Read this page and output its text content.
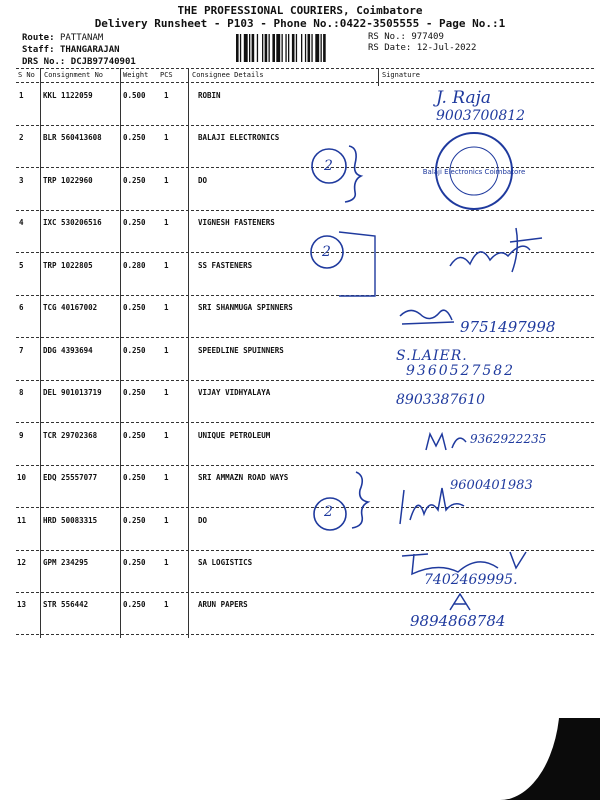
THE PROFESSIONAL COURIERS, Coimbatore
Delivery Runsheet - P103 - Phone No.:0422-3505555 - Page No.:1
Route: PATTANAM
Staff: THANGARAJAN
DRS No.: DCJB97740901
RS No.: 977409
RS Date: 12-Jul-2022
S No Consignment No	Weight PCS	Consignee Details	Signature
1	KKL 1122059	0.500 1	ROBIN
2	BLR 560413608	0.250 1	BALAJI ELECTRONICS
3	TRP 1022960	0.250 1	DO
4	IXC 530206516	0.250 1	VIGNESH FASTENERS
5	TRP 1022805	0.280 1	SS FASTENERS
6	TCG 40167002	0.250 1	SRI SHANMUGA SPINNERS
7	DDG 4393694	0.250 1	SPEEDLINE SPUINNERS
8	DEL 901013719	0.250 1	VIJAY VIDHYALAYA
9	TCR 29702368	0.250 1	UNIQUE PETROLEUM
10 EDQ 25557077	0.250 1	SRI AMMAZN ROAD WAYS
11 HRD 50083315	0.250 1	DO
12 GPM 234295	0.250 1	SA LOGISTICS
13 STR 556442	0.250 1	ARUN PAPERS
J. Raja
9003700812
2
2
Balaji Electronics Coimbatore
9751497998
S.LAIER.
9360527582
8903387610
9362922235
2
9600401983
7402469995.
9894868784
